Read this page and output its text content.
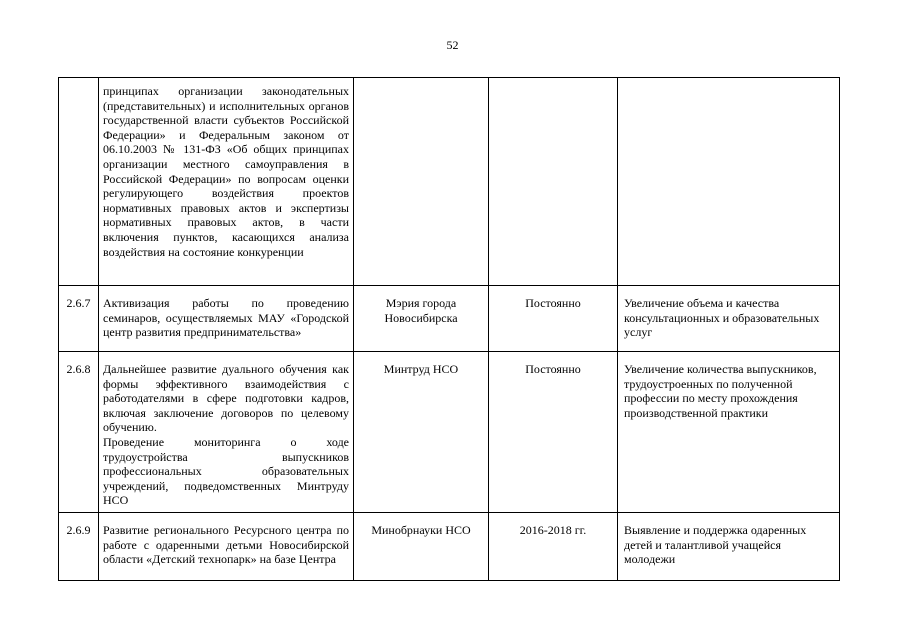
52

	принципах организации законодательных (представительных) и исполнительных органов государственной власти субъектов Российской Федерации» и Федеральным законом от 06.10.2003 № 131-ФЗ «Об общих принципах организации местного самоуправления в Российской Федерации» по вопросам оценки регулирующего воздействия проектов нормативных правовых актов и экспертизы нормативных правовых актов, в части включения пунктов, касающихся анализа воздействия на состояние конкуренции			

2.6.7	Активизация работы по проведению семинаров, осуществляемых МАУ «Городской центр развития предпринимательства»	Мэрия города Новосибирска	Постоянно	Увеличение объема и качества консультационных и образовательных услуг
2.6.8	Дальнейшее развитие дуального обучения как формы эффективного взаимодействия с работодателями в сфере подготовки кадров, включая заключение договоров по целевому обучению.
Проведение мониторинга о ходе трудоустройства выпускников профессиональных образовательных учреждений, подведомственных Минтруду НСО	Минтруд НСО	Постоянно	Увеличение количества выпускников, трудоустроенных по полученной профессии по месту прохождения производственной практики
2.6.9	Развитие регионального Ресурсного центра по работе с одаренными детьми Новосибирской области «Детский технопарк» на базе Центра	Минобрнауки НСО	2016-2018 гг.	Выявление и поддержка одаренных детей и талантливой учащейся молодежи
